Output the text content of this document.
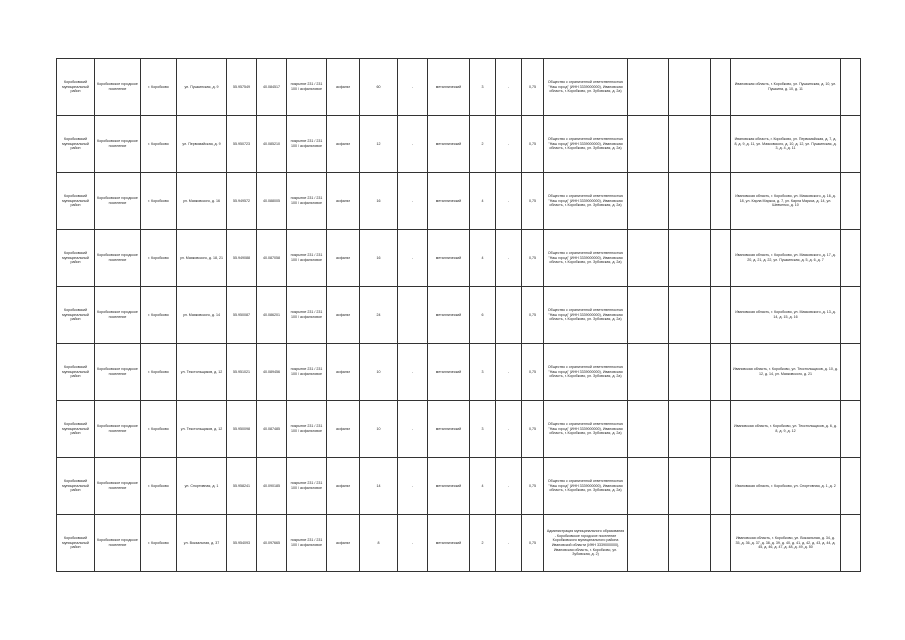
Коробковский муниципальный район	Коробковское городское поселение	г. Коробково	ул. Пушкинская, д. 9	55.957549	40.084517	покрытие 231 / 231 100 / асфальтовое	асфальт	60	-	металлический	3	-	0,75	Общество с ограниченной ответственностью "Наш город" (ИНН 3339000000), Ивановская область, г. Коробково, ул. Зубовская, д. 2а)				Ивановская область, г. Коробково, ул. Пушкинская, д. 10, ул. Пушкина, д. 10, д. 11	
Коробковский муниципальный район	Коробковское городское поселение	г. Коробково	ул. Первомайская, д. 9	55.950723	40.085210	покрытие 231 / 231 100 / асфальтовое	асфальт	12	-	металлический	2	-	0,75	Общество с ограниченной ответственностью "Наш город" (ИНН 3339000000), Ивановская область, г. Коробково, ул. Зубовская, д. 2а)				Ивановская область, г. Коробково, ул. Первомайская, д. 7, д. 8, д. 9, д. 11, ул. Маяковского, д. 10, д. 12, ул. Пушкинская, д. 3, д. 4, д. 11	
Коробковский муниципальный район	Коробковское городское поселение	г. Коробково	ул. Маяковского, д. 16	55.949572	40.088005	покрытие 231 / 231 100 / асфальтовое	асфальт	16	-	металлический	4	-	0,75	Общество с ограниченной ответственностью "Наш город" (ИНН 3339000000), Ивановская область, г. Коробково, ул. Зубовская, д. 2а)				Ивановская область, г. Коробково, ул. Маяковского, д. 16, д. 18, ул. Карла Маркса, д. 7, ул. Карла Маркса, д. 14, ул. Шевченко, д. 10	
Коробковский муниципальный район	Коробковское городское поселение	г. Коробково	ул. Маяковского, д. 18, 21	55.949088	40.087058	покрытие 231 / 231 100 / асфальтовое	асфальт	16	-	металлический	4	-	0,75	Общество с ограниченной ответственностью "Наш город" (ИНН 3339000000), Ивановская область, г. Коробково, ул. Зубовская, д. 2а)				Ивановская область, г. Коробково, ул. Маяковского, д. 17, д. 20, д. 21, д. 22, ул. Пушкинская, д. 5, д. 6, д. 7	
Коробковский муниципальный район	Коробковское городское поселение	г. Коробково	ул. Маяковского, д. 14	55.950087	40.086201	покрытие 231 / 231 100 / асфальтовое	асфальт	24		металлический	6		0,75	Общество с ограниченной ответственностью "Наш город" (ИНН 3339000000), Ивановская область, г. Коробково, ул. Зубовская, д. 2а)				Ивановская область, г. Коробково, ул. Маяковского, д. 13, д. 14, д. 15, д. 16	
Коробковский муниципальный район	Коробковское городское поселение	г. Коробково	ул. Текстильщиков, д. 12	55.951021	40.089456	покрытие 231 / 231 100 / асфальтовое	асфальт	10	-	металлический	3	-	0,75	Общество с ограниченной ответственностью "Наш город" (ИНН 3339000000), Ивановская область, г. Коробково, ул. Зубовская, д. 2а)				Ивановская область, г. Коробково, ул. Текстильщиков, д. 10, д. 12, д. 14, ул. Маяковского, д. 21	
Коробковский муниципальный район	Коробковское городское поселение	г. Коробково	ул. Текстильщиков, д. 12	55.950098	40.087485	покрытие 231 / 231 100 / асфальтовое	асфальт	10	-	металлический	3	-	0,75	Общество с ограниченной ответственностью "Наш город" (ИНН 3339000000), Ивановская область, г. Коробково, ул. Зубовская, д. 2а)				Ивановская область, г. Коробково, ул. Текстильщиков, д. 6, д. 8, д. 9, д. 12	
Коробковский муниципальный район	Коробковское городское поселение	г. Коробково	ул. Спортивная, д. 1	55.958241	40.090185	покрытие 231 / 231 100 / асфальтовое	асфальт	14	-	металлический	4	-	0,75	Общество с ограниченной ответственностью "Наш город" (ИНН 3339000000), Ивановская область, г. Коробково, ул. Зубовская, д. 2а)				Ивановская область, г. Коробково, ул. Спортивная, д. 1, д. 2	
Коробковский муниципальный район	Коробковское городское поселение	г. Коробково	ул. Вокзальная, д. 37	55.954093	40.097665	покрытие 231 / 231 100 / асфальтовое	асфальт	8	-	металлический	2	-	0,75	Администрация муниципального образования - Коробковское городское поселение Коробковского муниципального района Ивановской области (ИНН 3339000000), Ивановская область, г. Коробково, ул. Зубовская, д. 2)				Ивановская область, г. Коробково, ул. Вокзальная, д. 34, д. 35, д. 36, д. 37, д. 38, д. 39, д. 40, д. 41, д. 42, д. 43, д. 44, д. 45, д. 46, д. 47, д. 48, д. 49, д. 50	
